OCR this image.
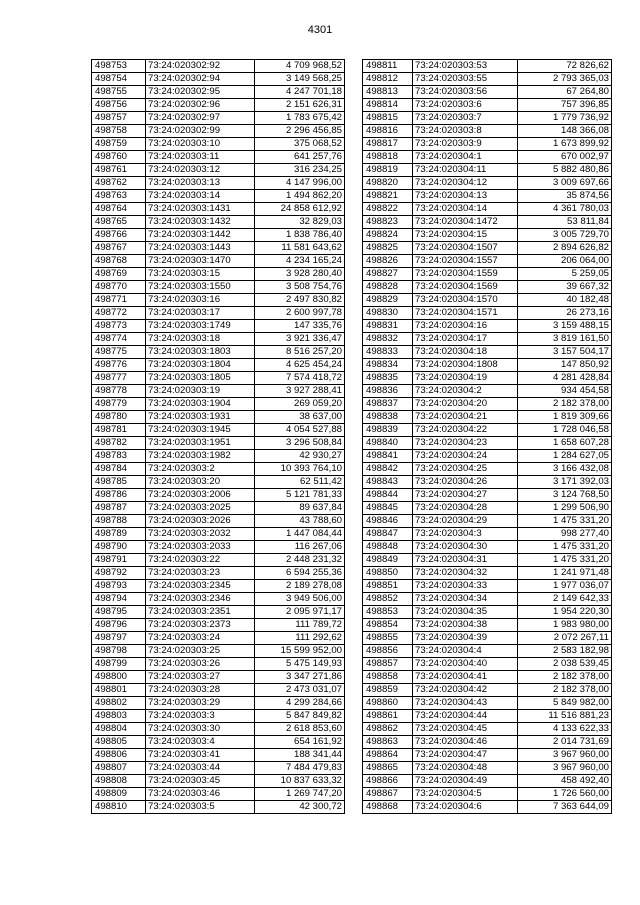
4301
498753	73:24:020302:92	4 709 968,52
498754	73:24:020302:94	3 149 568,25
498755	73:24:020302:95	4 247 701,18
498756	73:24:020302:96	2 151 626,31
498757	73:24:020302:97	1 783 675,42
498758	73:24:020302:99	2 296 456,85
498759	73:24:020303:10	375 068,52
498760	73:24:020303:11	641 257,76
498761	73:24:020303:12	316 234,25
498762	73:24:020303:13	4 147 996,00
498763	73:24:020303:14	1 494 862,20
498764	73:24:020303:1431	24 858 612,92
498765	73:24:020303:1432	32 829,03
498766	73:24:020303:1442	1 838 786,40
498767	73:24:020303:1443	11 581 643,62
498768	73:24:020303:1470	4 234 165,24
498769	73:24:020303:15	3 928 280,40
498770	73:24:020303:1550	3 508 754,76
498771	73:24:020303:16	2 497 830,82
498772	73:24:020303:17	2 600 997,78
498773	73:24:020303:1749	147 335,76
498774	73:24:020303:18	3 921 336,47
498775	73:24:020303:1803	8 516 257,20
498776	73:24:020303:1804	4 625 454,24
498777	73:24:020303:1805	7 574 418,72
498778	73:24:020303:19	3 927 288,41
498779	73:24:020303:1904	269 059,20
498780	73:24:020303:1931	38 637,00
498781	73:24:020303:1945	4 054 527,88
498782	73:24:020303:1951	3 296 508,84
498783	73:24:020303:1982	42 930,27
498784	73:24:020303:2	10 393 764,10
498785	73:24:020303:20	62 511,42
498786	73:24:020303:2006	5 121 781,33
498787	73:24:020303:2025	89 637,84
498788	73:24:020303:2026	43 788,60
498789	73:24:020303:2032	1 447 084,44
498790	73:24:020303:2033	116 267,06
498791	73:24:020303:22	2 448 231,32
498792	73:24:020303:23	6 594 255,36
498793	73:24:020303:2345	2 189 278,08
498794	73:24:020303:2346	3 949 506,00
498795	73:24:020303:2351	2 095 971,17
498796	73:24:020303:2373	111 789,72
498797	73:24:020303:24	111 292,62
498798	73:24:020303:25	15 599 952,00
498799	73:24:020303:26	5 475 149,93
498800	73:24:020303:27	3 347 271,86
498801	73:24:020303:28	2 473 031,07
498802	73:24:020303:29	4 299 284,66
498803	73:24:020303:3	5 847 849,82
498804	73:24:020303:30	2 618 853,60
498805	73:24:020303:4	654 161,92
498806	73:24:020303:41	188 341,44
498807	73:24:020303:44	7 484 479,83
498808	73:24:020303:45	10 837 633,32
498809	73:24:020303:46	1 269 747,20
498810	73:24:020303:5	42 300,72
498811	73:24:020303:53	72 826,62
498812	73:24:020303:55	2 793 365,03
498813	73:24:020303:56	67 264,80
498814	73:24:020303:6	757 396,85
498815	73:24:020303:7	1 779 736,92
498816	73:24:020303:8	148 366,08
498817	73:24:020303:9	1 673 899,92
498818	73:24:020304:1	670 002,97
498819	73:24:020304:11	5 882 480,86
498820	73:24:020304:12	3 009 697,66
498821	73:24:020304:13	35 874,56
498822	73:24:020304:14	4 361 780,03
498823	73:24:020304:1472	53 811,84
498824	73:24:020304:15	3 005 729,70
498825	73:24:020304:1507	2 894 626,82
498826	73:24:020304:1557	206 064,00
498827	73:24:020304:1559	5 259,05
498828	73:24:020304:1569	39 667,32
498829	73:24:020304:1570	40 182,48
498830	73:24:020304:1571	26 273,16
498831	73:24:020304:16	3 159 488,15
498832	73:24:020304:17	3 819 161,50
498833	73:24:020304:18	3 157 504,17
498834	73:24:020304:1808	147 850,92
498835	73:24:020304:19	4 281 428,84
498836	73:24:020304:2	934 454,58
498837	73:24:020304:20	2 182 378,00
498838	73:24:020304:21	1 819 309,66
498839	73:24:020304:22	1 728 046,58
498840	73:24:020304:23	1 658 607,28
498841	73:24:020304:24	1 284 627,05
498842	73:24:020304:25	3 166 432,08
498843	73:24:020304:26	3 171 392,03
498844	73:24:020304:27	3 124 768,50
498845	73:24:020304:28	1 299 506,90
498846	73:24:020304:29	1 475 331,20
498847	73:24:020304:3	998 277,40
498848	73:24:020304:30	1 475 331,20
498849	73:24:020304:31	1 475 331,20
498850	73:24:020304:32	1 241 971,48
498851	73:24:020304:33	1 977 036,07
498852	73:24:020304:34	2 149 642,33
498853	73:24:020304:35	1 954 220,30
498854	73:24:020304:38	1 983 980,00
498855	73:24:020304:39	2 072 267,11
498856	73:24:020304:4	2 583 182,98
498857	73:24:020304:40	2 038 539,45
498858	73:24:020304:41	2 182 378,00
498859	73:24:020304:42	2 182 378,00
498860	73:24:020304:43	5 849 982,00
498861	73:24:020304:44	11 516 881,23
498862	73:24:020304:45	4 133 622,33
498863	73:24:020304:46	2 014 731,69
498864	73:24:020304:47	3 967 960,00
498865	73:24:020304:48	3 967 960,00
498866	73:24:020304:49	458 492,40
498867	73:24:020304:5	1 726 560,00
498868	73:24:020304:6	7 363 644,09
